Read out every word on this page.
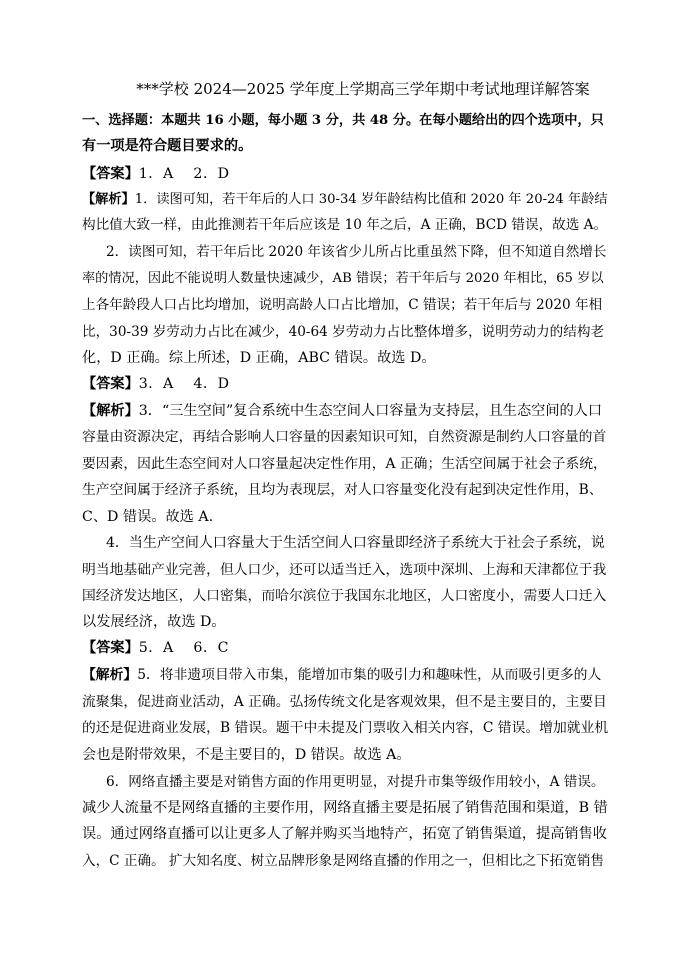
***学校 2024—2025 学年度上学期高三学年期中考试地理详解答案
一、选择题：本题共 16 小题，每小题 3 分，共 48 分。在每小题给出的四个选项中，只
有一项是符合题目要求的。
【答案】1．A　 2．D
【解析】1．读图可知，若干年后的人口 30-34 岁年龄结构比值和 2020 年 20-24 年龄结
构比值大致一样，由此推测若干年后应该是 10 年之后，A 正确，BCD 错误，故选 A。
2．读图可知，若干年后比 2020 年该省少儿所占比重虽然下降，但不知道自然增长
率的情况，因此不能说明人数量快速减少，AB 错误；若干年后与 2020 年相比，65 岁以
上各年龄段人口占比均增加，说明高龄人口占比增加，C 错误；若干年后与 2020 年相
比，30-39 岁劳动力占比在减少，40-64 岁劳动力占比整体增多，说明劳动力的结构老
化，D 正确。综上所述，D 正确，ABC 错误。故选 D。
【答案】3．A　 4．D
【解析】3．“三生空间”复合系统中生态空间人口容量为支持层，且生态空间的人口
容量由资源决定，再结合影响人口容量的因素知识可知，自然资源是制约人口容量的首
要因素，因此生态空间对人口容量起决定性作用，A 正确；生活空间属于社会子系统，
生产空间属于经济子系统，且均为表现层，对人口容量变化没有起到决定性作用，B、
C、D 错误。故选 A.
4．当生产空间人口容量大于生活空间人口容量即经济子系统大于社会子系统，说
明当地基础产业完善，但人口少，还可以适当迁入，选项中深圳、上海和天津都位于我
国经济发达地区，人口密集，而哈尔滨位于我国东北地区，人口密度小，需要人口迁入
以发展经济，故选 D。
【答案】5．A　 6．C
【解析】5．将非遗项目带入市集，能增加市集的吸引力和趣味性，从而吸引更多的人
流聚集，促进商业活动，A 正确。弘扬传统文化是客观效果，但不是主要目的，主要目
的还是促进商业发展，B 错误。题干中未提及门票收入相关内容，C 错误。增加就业机
会也是附带效果，不是主要目的，D 错误。故选 A。
6．网络直播主要是对销售方面的作用更明显，对提升市集等级作用较小，A 错误。
减少人流量不是网络直播的主要作用，网络直播主要是拓展了销售范围和渠道，B 错
误。通过网络直播可以让更多人了解并购买当地特产，拓宽了销售渠道，提高销售收
入，C 正确。 扩大知名度、树立品牌形象是网络直播的作用之一，但相比之下拓宽销售
